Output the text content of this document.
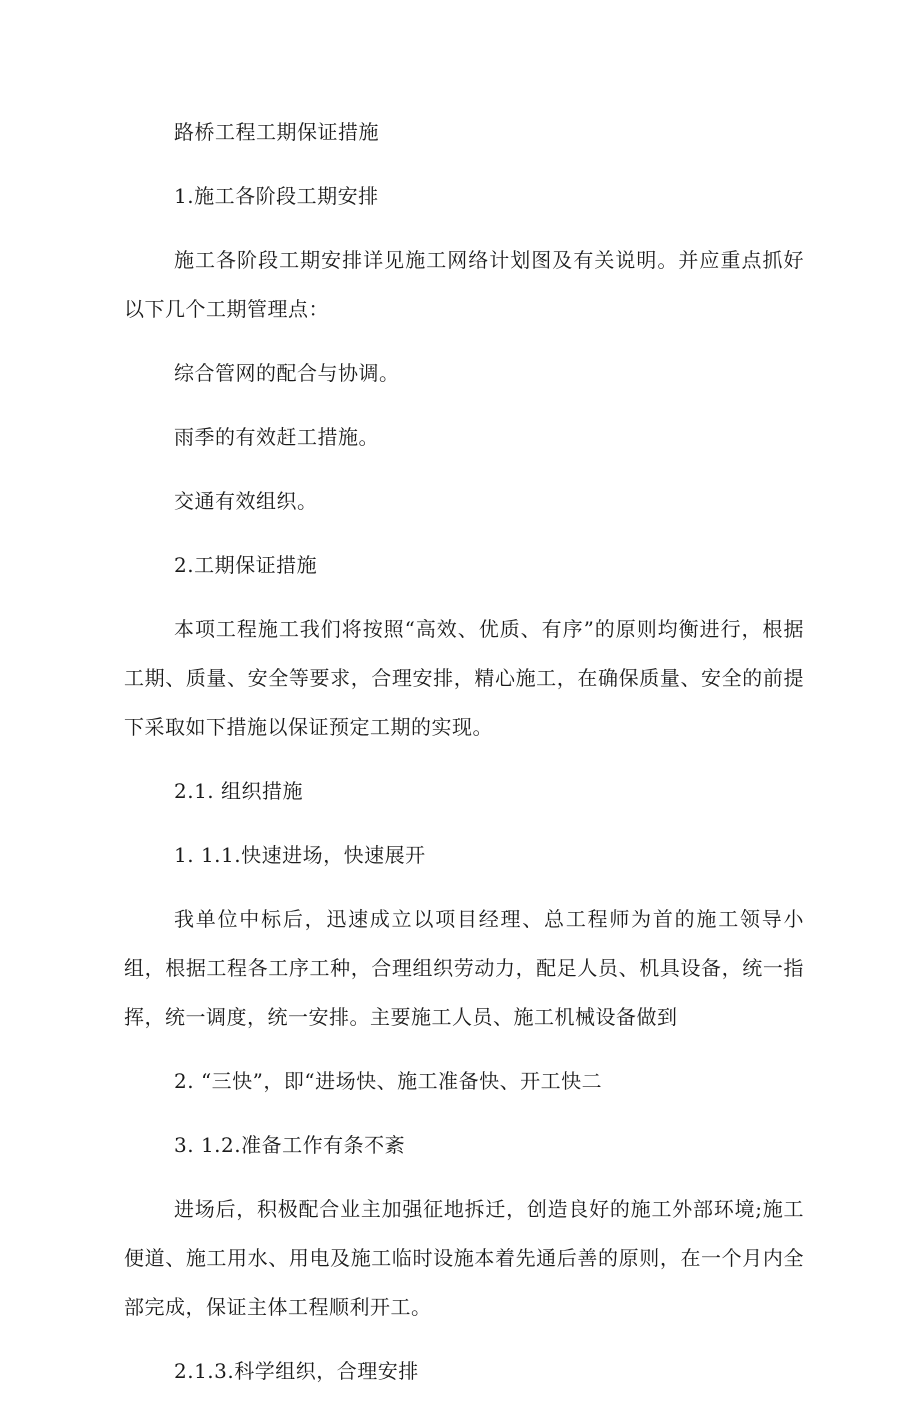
路桥工程工期保证措施

1.施工各阶段工期安排

施工各阶段工期安排详见施工网络计划图及有关说明。并应重点抓好以下几个工期管理点：

综合管网的配合与协调。

雨季的有效赶工措施。

交通有效组织。

2.工期保证措施

本项工程施工我们将按照“高效、优质、有序”的原则均衡进行，根据工期、质量、安全等要求，合理安排，精心施工，在确保质量、安全的前提下采取如下措施以保证预定工期的实现。

2.1. 组织措施

1. 1.1.快速进场，快速展开

我单位中标后，迅速成立以项目经理、总工程师为首的施工领导小组，根据工程各工序工种，合理组织劳动力，配足人员、机具设备，统一指挥，统一调度，统一安排。主要施工人员、施工机械设备做到

2. “三快”，即“进场快、施工准备快、开工快二

3. 1.2.准备工作有条不紊

进场后，积极配合业主加强征地拆迁，创造良好的施工外部环境;施工便道、施工用水、用电及施工临时设施本着先通后善的原则，在一个月内全部完成，保证主体工程顺利开工。

2.1.3.科学组织，合理安排
